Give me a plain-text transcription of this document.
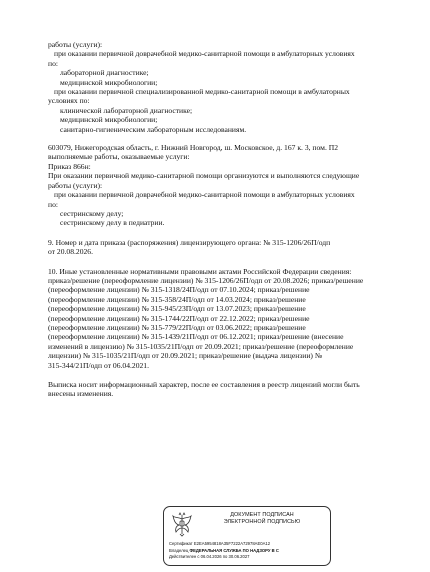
работы (услуги):
при оказании первичной доврачебной медико-санитарной помощи в амбулаторных условиях
по:
лабораторной диагностике;
медицинской микробиологии;
при оказании первичной специализированной медико-санитарной помощи в амбулаторных
условиях по:
клинической лабораторной диагностике;
медицинской микробиологии;
санитарно-гигиеническим лабораторным исследованиям.
603079, Нижегородская область, г. Нижний Новгород, ш. Московское, д. 167 к. 3, пом. П2
выполняемые работы, оказываемые услуги:
Приказ 866н:
При оказании первичной медико-санитарной помощи организуются и выполняются следующие
работы (услуги):
при оказании первичной доврачебной медико-санитарной помощи в амбулаторных условиях
по:
сестринскому делу;
сестринскому делу в педиатрии.
9. Номер и дата приказа (распоряжения) лицензирующего органа: № 315-1206/26П/одп
от 20.08.2026.
10. Иные установленные нормативными правовыми актами Российской Федерации сведения:
приказ/решение (переоформление лицензии) № 315-1206/26П/одп от 20.08.2026; приказ/решение
(переоформление лицензии) № 315-1318/24П/одп от 07.10.2024; приказ/решение
(переоформление лицензии) № 315-358/24П/одп от 14.03.2024; приказ/решение
(переоформление лицензии) № 315-945/23П/одп от 13.07.2023; приказ/решение
(переоформление лицензии) № 315-1744/22П/одп от 22.12.2022; приказ/решение
(переоформление лицензии) № 315-779/22П/одп от 03.06.2022; приказ/решение
(переоформление лицензии) № 315-1439/21П/одп от 06.12.2021; приказ/решение (внесение
изменений в лицензию) № 315-1035/21П/одп от 20.09.2021; приказ/решение (переоформление
лицензии) № 315-1035/21П/одп от 20.09.2021; приказ/решение (выдача лицензии) №
315-344/21П/одп от 06.04.2021.
Выписка носит информационный характер, после ее составления в реестр лицензий могли быть
внесены изменения.
ДОКУМЕНТ ПОДПИСАН
ЭЛЕКТРОННОЙ ПОДПИСЬЮ
Сертификат E2EA5954818A35F7222A72978AE0A12
Владелец ФЕДЕРАЛЬНАЯ СЛУЖБА ПО НАДЗОРУ В С
Действителен с 06.04.2026 по 30.06.2027
